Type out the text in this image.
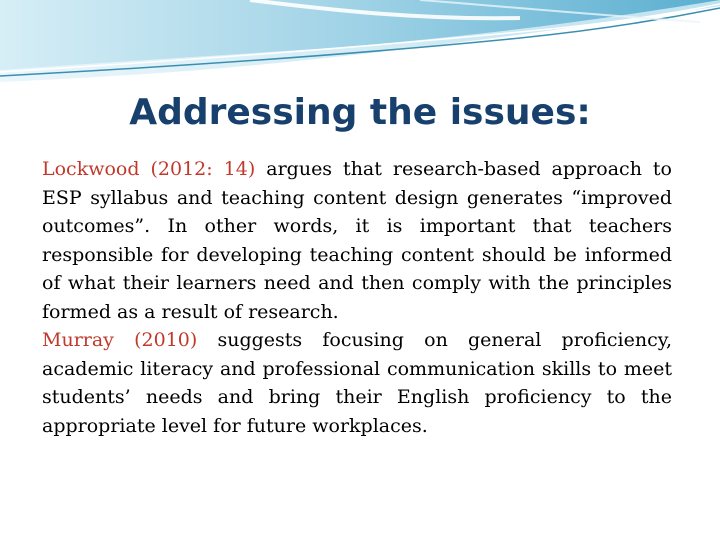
Addressing the issues:

Lockwood (2012: 14) argues that research-based approach to ESP syllabus and teaching content design generates “improved outcomes”. In other words, it is important that teachers responsible for developing teaching content should be informed of what their learners need and then comply with the principles formed as a result of research.

Murray (2010) suggests focusing on general proficiency, academic literacy and professional communication skills to meet students’ needs and bring their English proficiency to the appropriate level for future workplaces.
